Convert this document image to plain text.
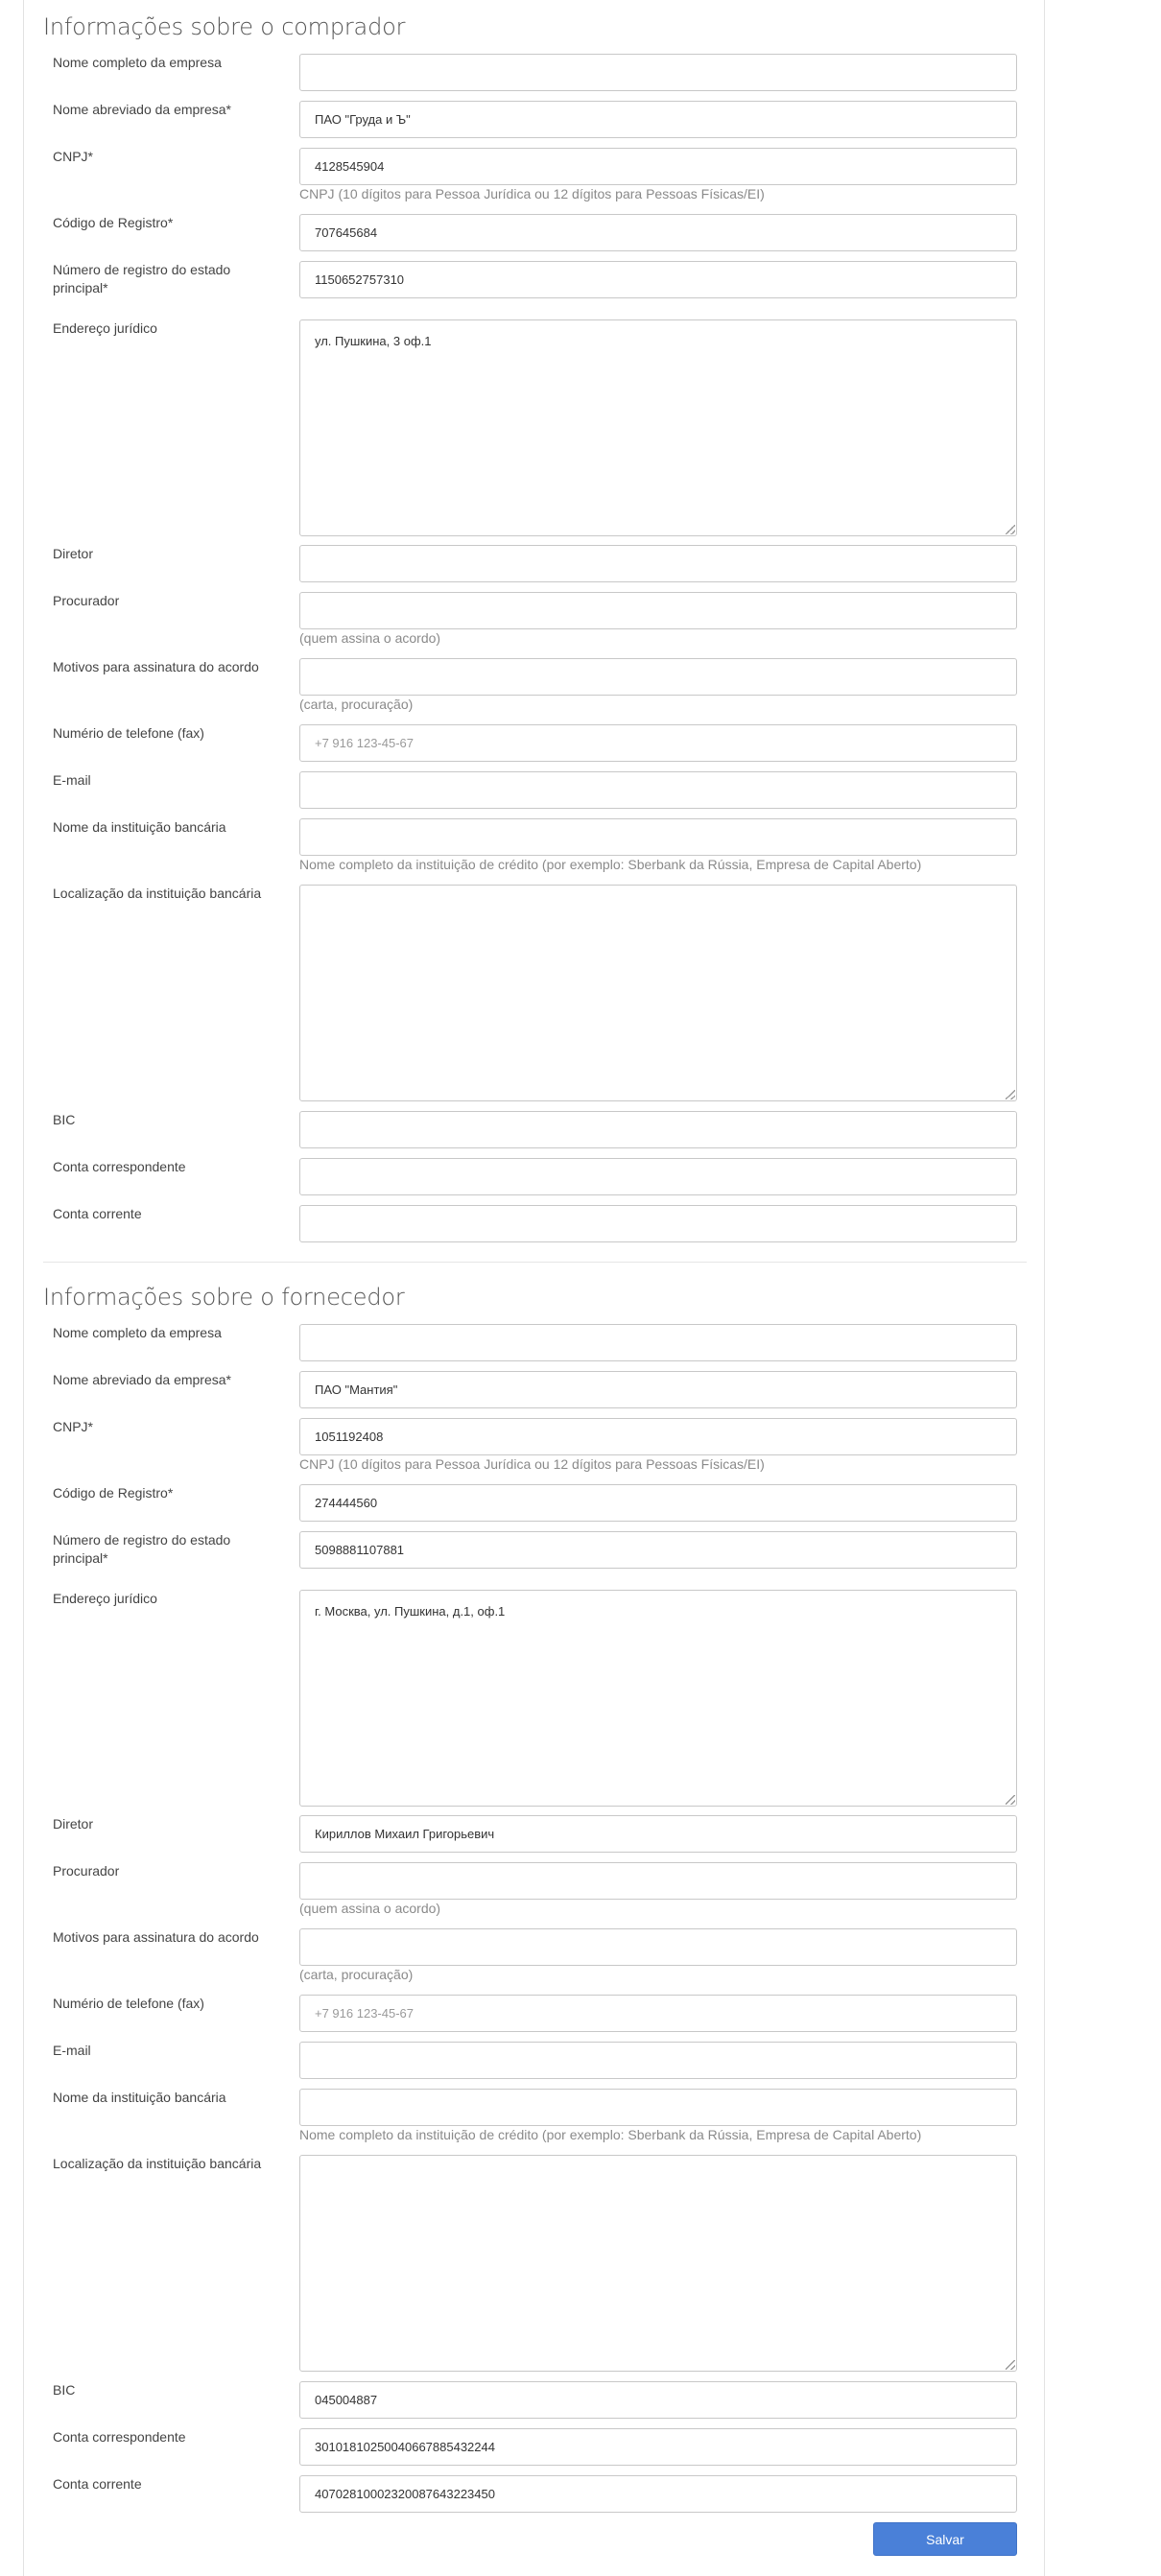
Informações sobre o comprador
Nome completo da empresa
Nome abreviado da empresa*
ПАО "Груда и Ъ"
CNPJ*
4128545904
CNPJ (10 dígitos para Pessoa Jurídica ou 12 dígitos para Pessoas Físicas/EI)
Código de Registro*
707645684
Número de registro do estado principal*
1150652757310
Endereço jurídico
ул. Пушкина, 3 оф.1
Diretor
Procurador
(quem assina o acordo)
Motivos para assinatura do acordo
(carta, procuração)
Numério de telefone (fax)
+7 916 123-45-67
E-mail
Nome da instituição bancária
Nome completo da instituição de crédito (por exemplo: Sberbank da Rússia, Empresa de Capital Aberto)
Localização da instituição bancária
BIC
Conta correspondente
Conta corrente
Informações sobre o fornecedor
Nome completo da empresa
Nome abreviado da empresa*
ПАО "Мантия"
CNPJ*
1051192408
CNPJ (10 dígitos para Pessoa Jurídica ou 12 dígitos para Pessoas Físicas/EI)
Código de Registro*
274444560
Número de registro do estado principal*
5098881107881
Endereço jurídico
г. Москва, ул. Пушкина, д.1, оф.1
Diretor
Кириллов Михаил Григорьевич
Procurador
(quem assina o acordo)
Motivos para assinatura do acordo
(carta, procuração)
Numério de telefone (fax)
+7 916 123-45-67
E-mail
Nome da instituição bancária
Nome completo da instituição de crédito (por exemplo: Sberbank da Rússia, Empresa de Capital Aberto)
Localização da instituição bancária
BIC
045004887
Conta correspondente
30101810250040667885432244
Conta corrente
40702810002320087643223450
Salvar
